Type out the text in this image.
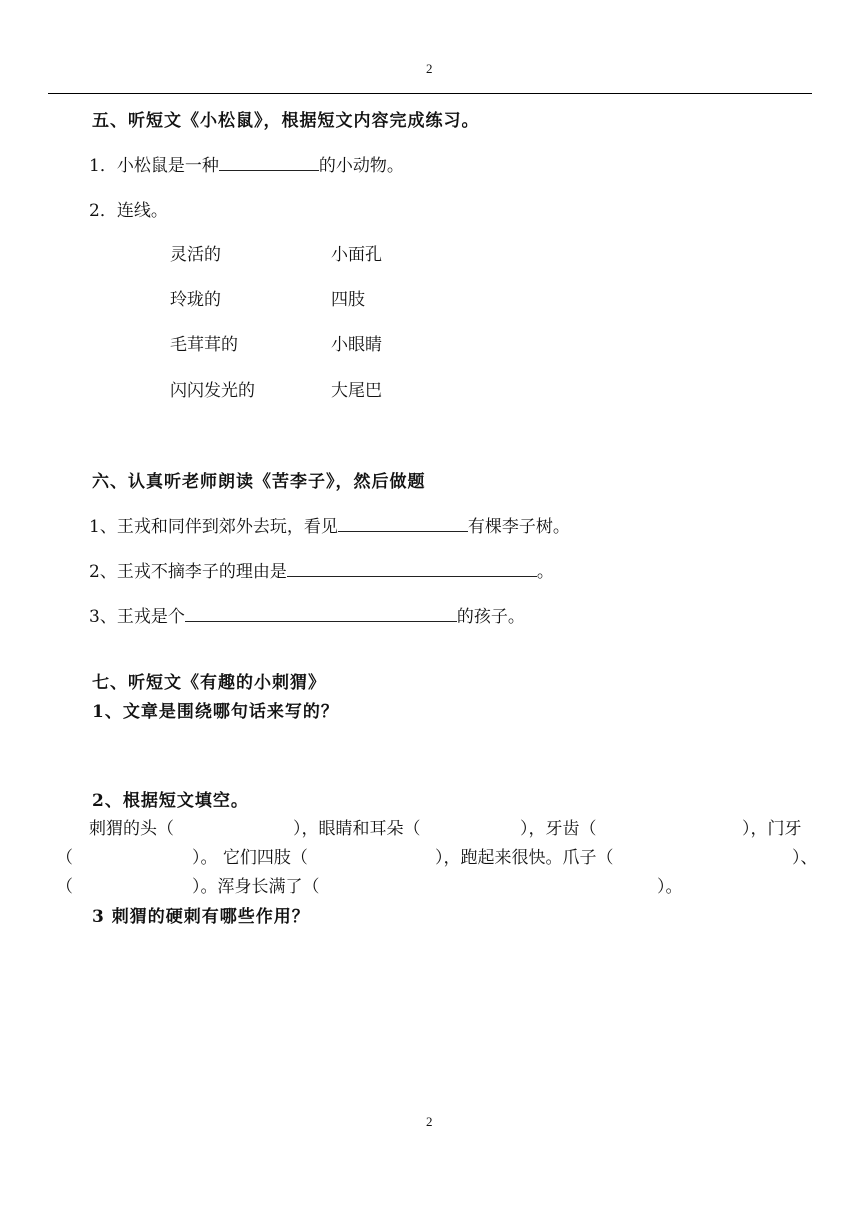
2
五、听短文《小松鼠》，根据短文内容完成练习。
1．小松鼠是一种	的小动物。
2．连线。
灵活的	小面孔
玲珑的	四肢
毛茸茸的	小眼睛
闪闪发光的	大尾巴
六、认真听老师朗读《苦李子》，然后做题
1、王戎和同伴到郊外去玩，看见	有棵李子树。
2、王戎不摘李子的理由是	。
3、王戎是个	的孩子。
七、听短文《有趣的小刺猬》
1、文章是围绕哪句话来写的？
2、根据短文填空。
刺猬的头（	），眼睛和耳朵（	），牙齿（	），门牙
（	）。 它们四肢（	），跑起来很快。爪子（	）、
（	）。浑身长满了（	）。
3 刺猬的硬刺有哪些作用？
2
